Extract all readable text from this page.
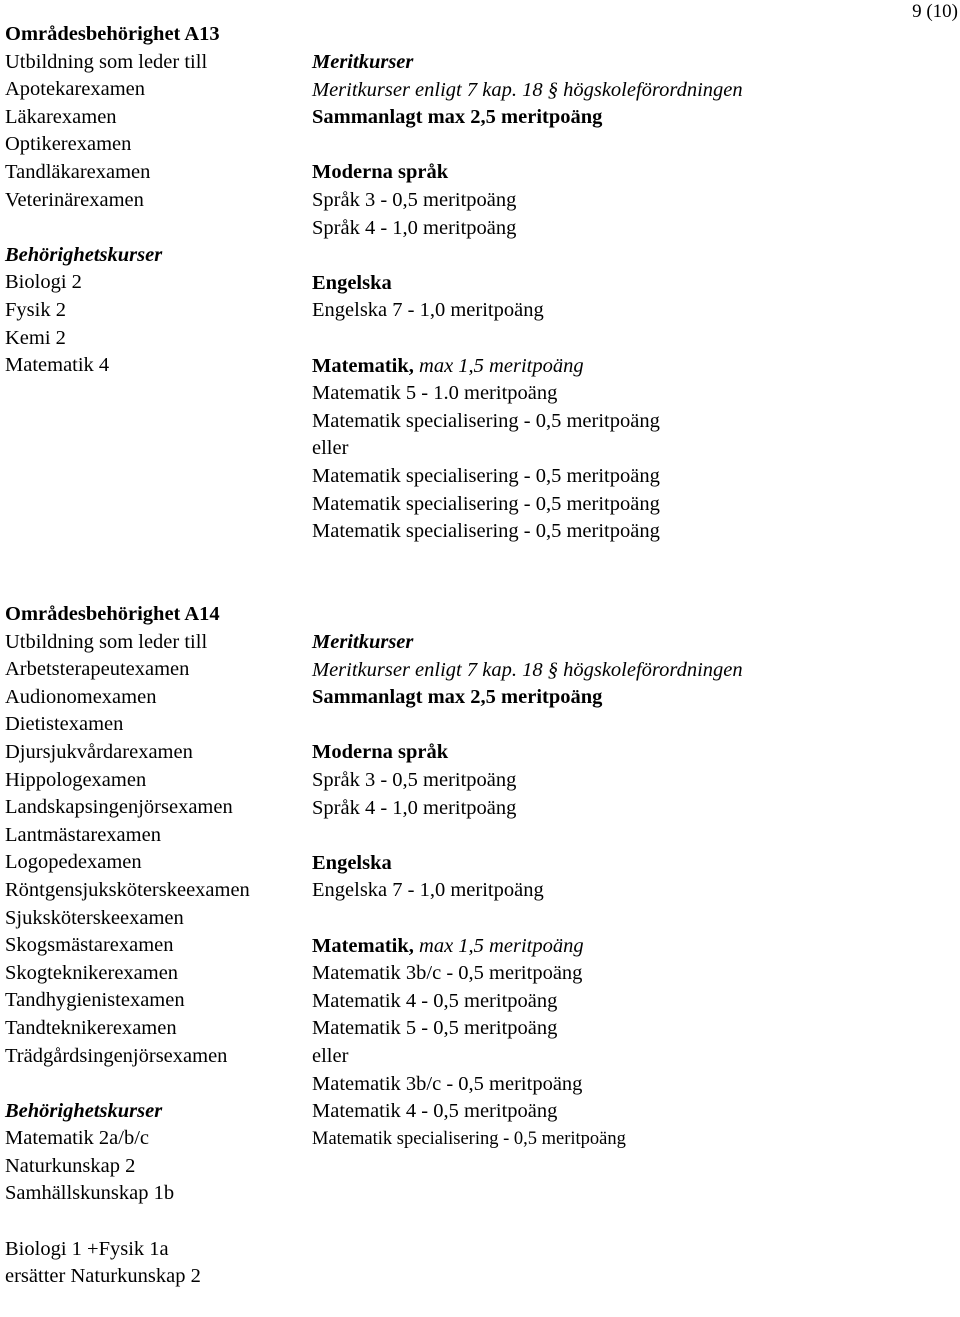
9 (10)
Områdesbehörighet A13
Utbildning som leder till
Apotekarexamen
Läkarexamen
Optikerexamen
Tandläkarexamen
Veterinärexamen
Behörighetskurser
Biologi 2
Fysik 2
Kemi 2
Matematik 4
Meritkurser
Meritkurser enligt 7 kap. 18 § högskoleförordningen
Sammanlagt max 2,5 meritpoäng
Moderna språk
Språk 3 - 0,5 meritpoäng
Språk 4 - 1,0 meritpoäng
Engelska
Engelska 7 - 1,0 meritpoäng
Matematik, max 1,5 meritpoäng
Matematik 5 - 1.0 meritpoäng
Matematik specialisering - 0,5 meritpoäng
eller
Matematik specialisering - 0,5 meritpoäng
Matematik specialisering - 0,5 meritpoäng
Matematik specialisering - 0,5 meritpoäng
Områdesbehörighet A14
Utbildning som leder till
Arbetsterapeutexamen
Audionomexamen
Dietistexamen
Djursjukvårdarexamen
Hippologexamen
Landskapsingenjörsexamen
Lantmästarexamen
Logopedexamen
Röntgensjuksköterskeexamen
Sjuksköterskeexamen
Skogsmästarexamen
Skogteknikerexamen
Tandhygienistexamen
Tandteknikerexamen
Trädgårdsingenjörsexamen
Behörighetskurser
Matematik 2a/b/c
Naturkunskap 2
Samhällskunskap 1b
Biologi 1 +Fysik 1a
ersätter Naturkunskap 2
Meritkurser
Meritkurser enligt 7 kap. 18 § högskoleförordningen
Sammanlagt max 2,5 meritpoäng
Moderna språk
Språk 3 - 0,5 meritpoäng
Språk 4 - 1,0 meritpoäng
Engelska
Engelska 7 - 1,0 meritpoäng
Matematik, max 1,5 meritpoäng
Matematik 3b/c - 0,5 meritpoäng
Matematik 4 - 0,5 meritpoäng
Matematik 5 - 0,5 meritpoäng
eller
Matematik 3b/c - 0,5 meritpoäng
Matematik 4 - 0,5 meritpoäng
Matematik specialisering - 0,5 meritpoäng
